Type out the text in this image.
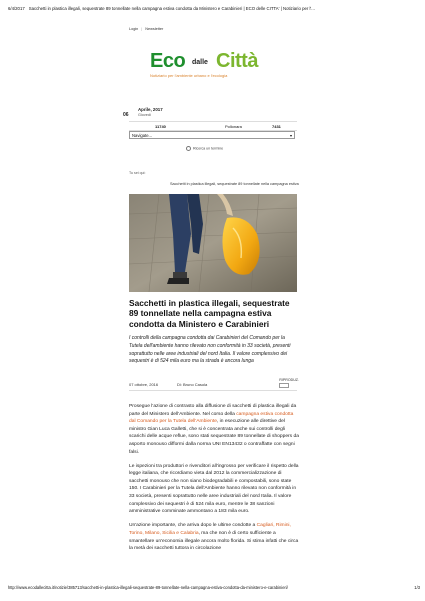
6/4/2017 Sacchetti in plastica illegali, sequestrate 89 tonnellate nella campagna estiva condotta da Ministero e Carabinieri | ECO delle CITTA' | Notiziario per l'...
Login | Newsletter
Eco dalle Città
Notiziario per l'ambiente urbano e l'ecologia
06
Aprile, 2017
Giovedì
11740	Pollonara	7431
Navigate...	▾
Ricerca un termine
Tu sei qui:
Sacchetti in plastica illegali, sequestrate 89 tonnellate nella campagna estiva
Sacchetti in plastica illegali, sequestrate 89 tonnellate nella campagna estiva condotta da Ministero e Carabinieri

I controlli della campagna condotta dai Carabinieri del Comando per la Tutela dell'ambiente hanno rilevato non conformità in 33 società, presenti soprattutto nelle aree industriali del nord Italia. Il valore complessivo dei sequestri è di 524 mila euro ma la strada è ancora lunga

07 ottobre, 2016	Di: Bruno Casola
RIPRODUZ.

Prosegue l'azione di contrasto alla diffusione di sacchetti di plastica illegali da parte del Ministero dell'Ambiente. Nel corso della campagna estiva condotta dal Comando per la Tutela dell'Ambiente, in esecuzione alle direttive del ministro Gian Luca Galletti, che si è concentrata anche sui controlli degli scarichi delle acque reflue, sono stati sequestrate 89 tonnellate di shoppers da asporto monouso difformi dalla norma UNI EN13432 o contraffatte con segni falsi.

Le ispezioni tra produttori e rivenditori all'ingrosso per verificare il rispetto della legge italiana, che ricordiamo vieta dal 2012 la commercializzazione di sacchetti monouso che non siano biodegradabili e compostabili, sono state 150. I Carabinieri per la Tutela dell'Ambiente hanno rilevato non conformità in 33 società, presenti soprattutto nelle aree industriali del nord Italia. Il valore complessivo dei sequestri è di 524 mila euro, mentre le 38 sanzioni amministrative comminate ammontano a 183 mila euro.

Un'azione importante, che arriva dopo le ultime condotte a Cagliari, Rimini, Torino, Milano, Sicilia e Calabria, ma che non è di certo sufficiente a smantellare un'economia illegale ancora molto florida. Si stima infatti che circa la metà dei sacchetti tuttora in circolazione

http://www.ecodallecitta.it/notizie/385713/sacchetti-in-plastica-illegali-sequestrate-89-tonnellate-nella-campagna-estiva-condotta-da-ministero-e-carabinieri/	1/3
